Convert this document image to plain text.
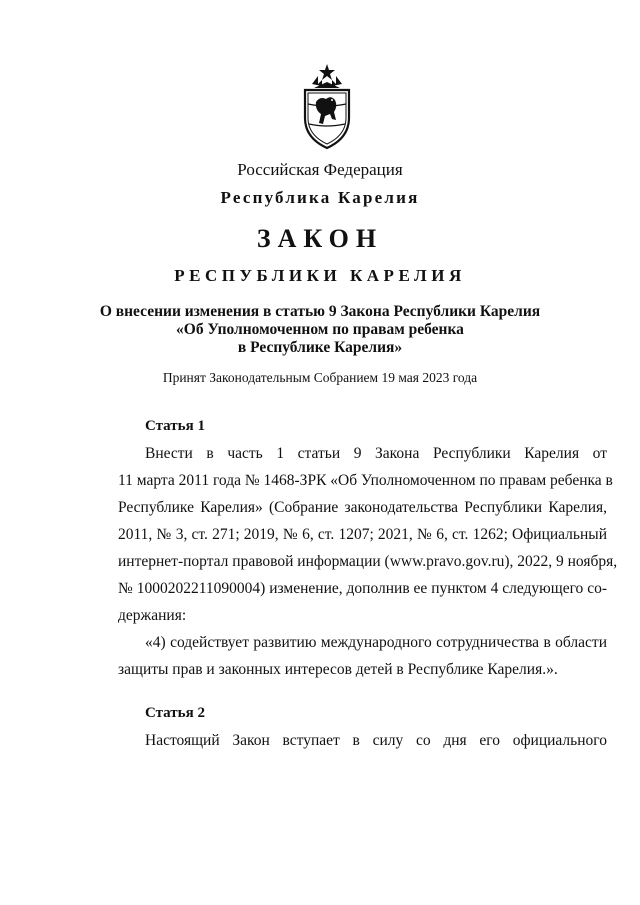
Российская Федерация
Республика Карелия
ЗАКОН
РЕСПУБЛИКИ КАРЕЛИЯ
О внесении изменения в статью 9 Закона Республики Карелия
«Об Уполномоченном по правам ребенка
в Республике Карелия»
Принят Законодательным Собранием 19 мая 2023 года
Статья 1
Внести в часть 1 статьи 9 Закона Республики Карелия от
11 марта 2011 года № 1468-ЗРК «Об Уполномоченном по правам ребенка в
Республике Карелия» (Собрание законодательства Республики Карелия,
2011, № 3, ст. 271; 2019, № 6, ст. 1207; 2021, № 6, ст. 1262; Официальный
интернет-портал правовой информации (www.pravo.gov.ru), 2022, 9 ноября,
№ 1000202211090004) изменение, дополнив ее пунктом 4 следующего со-
держания:
«4) содействует развитию международного сотрудничества в области
защиты прав и законных интересов детей в Республике Карелия.».
Статья 2
Настоящий Закон вступает в силу со дня его официального
